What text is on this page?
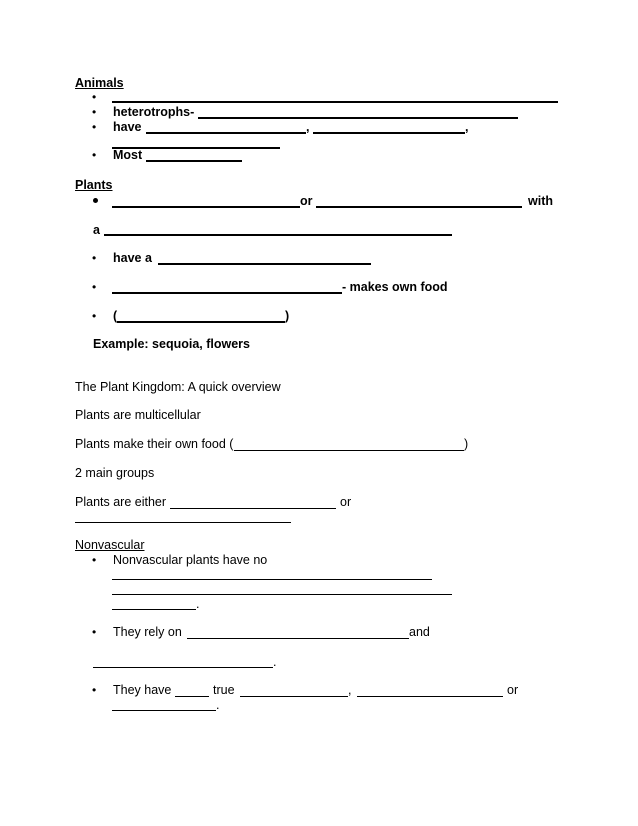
Animals
•
• heterotrophs-
• have	,	,
• Most
Plants
or	with
a
• have a
•	- makes own food
• (	)
Example: sequoia, flowers
The Plant Kingdom: A quick overview
Plants are multicellular
Plants make their own food (	)
2 main groups
Plants are either	or
Nonvascular
• Nonvascular plants have no
.
• They rely on	and
.
• They have	true	,	or
.
